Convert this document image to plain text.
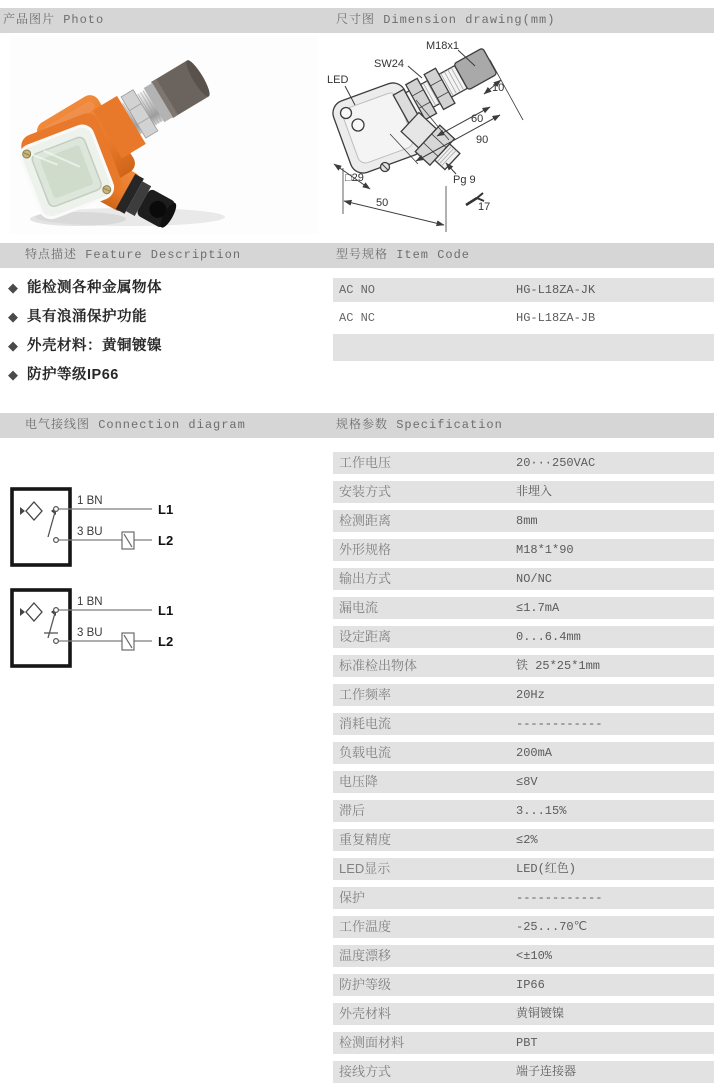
产品图片 Photo	尺寸图 Dimension drawing(mm)
特点描述 Feature Description	型号规格 Item Code
电气接线图 Connection diagram	规格参数 Specification
M18x1
SW24
LED
10
60
90
□29
50
Pg 9
17
◆ 能检测各种金属物体
◆ 具有浪涌保护功能
◆ 外壳材料：黄铜镀镍
◆ 防护等级IP66
AC NO	HG-L18ZA-JK
AC NC	HG-L18ZA-JB
1 BN
3 BU
L1
L2
1 BN
3 BU
L1
L2
工作电压	20···250VAC
安装方式	非埋入
检测距离	8mm
外形规格	M18*1*90
输出方式	NO/NC
漏电流	≤1.7mA
设定距离	0...6.4mm
标准检出物体	铁 25*25*1mm
工作频率	20Hz
消耗电流	------------
负载电流	200mA
电压降	≤8V
滞后	3...15%
重复精度	≤2%
LED显示	LED(红色)
保护	------------
工作温度	-25...70℃
温度漂移	<±10%
防护等级	IP66
外壳材料	黄铜镀镍
检测面材料	PBT
接线方式	端子连接器
